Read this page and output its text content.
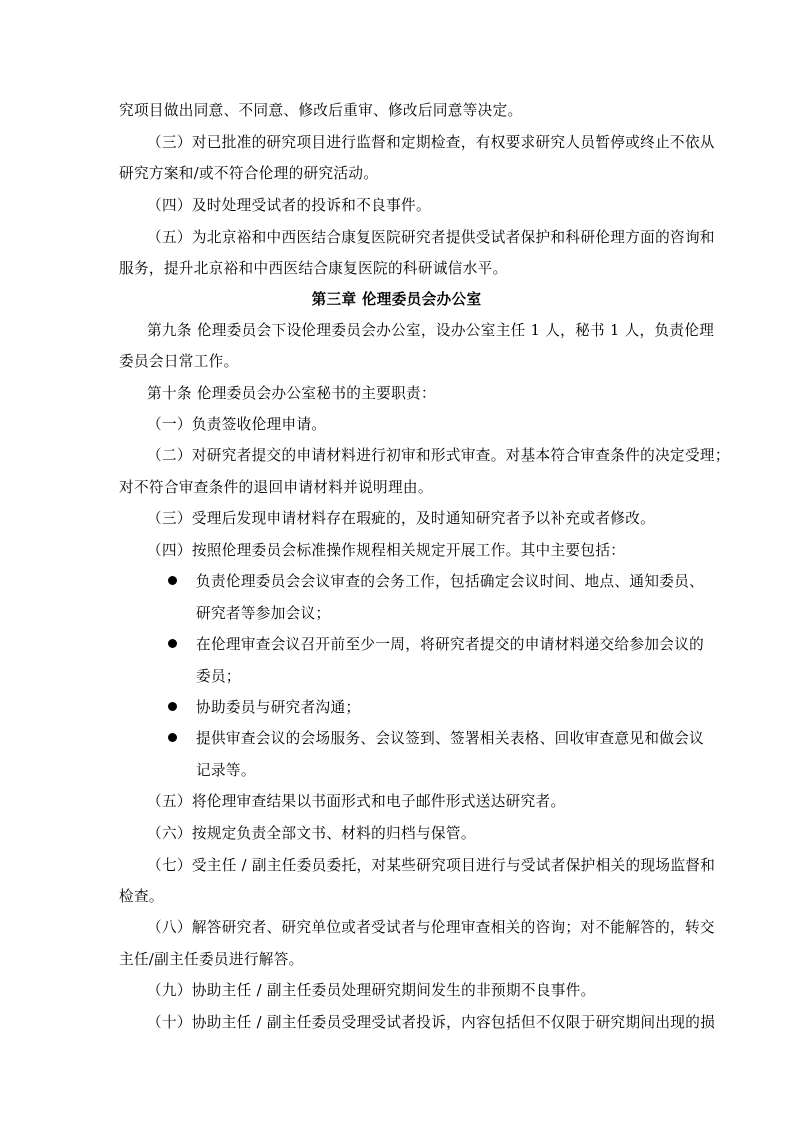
究项目做出同意、不同意、修改后重审、修改后同意等决定。
（三）对已批准的研究项目进行监督和定期检查，有权要求研究人员暂停或终止不依从
研究方案和/或不符合伦理的研究活动。
（四）及时处理受试者的投诉和不良事件。
（五）为北京裕和中西医结合康复医院研究者提供受试者保护和科研伦理方面的咨询和
服务，提升北京裕和中西医结合康复医院的科研诚信水平。
第三章 伦理委员会办公室
第九条 伦理委员会下设伦理委员会办公室，设办公室主任 1 人，秘书 1 人，负责伦理
委员会日常工作。
第十条 伦理委员会办公室秘书的主要职责：
（一）负责签收伦理申请。
（二）对研究者提交的申请材料进行初审和形式审查。对基本符合审查条件的决定受理；
对不符合审查条件的退回申请材料并说明理由。
（三）受理后发现申请材料存在瑕疵的，及时通知研究者予以补充或者修改。
（四）按照伦理委员会标准操作规程相关规定开展工作。其中主要包括：
负责伦理委员会会议审查的会务工作，包括确定会议时间、地点、通知委员、
研究者等参加会议；
在伦理审查会议召开前至少一周，将研究者提交的申请材料递交给参加会议的
委员；
协助委员与研究者沟通；
提供审查会议的会场服务、会议签到、签署相关表格、回收审查意见和做会议
记录等。
（五）将伦理审查结果以书面形式和电子邮件形式送达研究者。
（六）按规定负责全部文书、材料的归档与保管。
（七）受主任 / 副主任委员委托，对某些研究项目进行与受试者保护相关的现场监督和
检查。
（八）解答研究者、研究单位或者受试者与伦理审查相关的咨询；对不能解答的，转交
主任/副主任委员进行解答。
（九）协助主任 / 副主任委员处理研究期间发生的非预期不良事件。
（十）协助主任 / 副主任委员受理受试者投诉，内容包括但不仅限于研究期间出现的损
